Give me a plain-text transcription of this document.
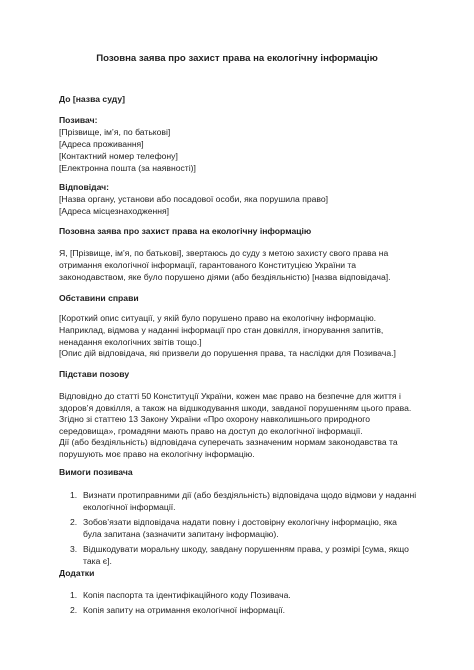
Позовна заява про захист права на екологічну інформацію
До [назва суду]
Позивач:
[Прізвище, ім’я, по батькові]
[Адреса проживання]
[Контактний номер телефону]
[Електронна пошта (за наявності)]
Відповідач:
[Назва органу, установи або посадової особи, яка порушила право]
[Адреса місцезнаходження]
Позовна заява про захист права на екологічну інформацію
Я, [Прізвище, ім’я, по батькові], звертаюсь до суду з метою захисту свого права на отримання екологічної інформації, гарантованого Конституцією України та законодавством, яке було порушено діями (або бездіяльністю) [назва відповідача].
Обставини справи
[Короткий опис ситуації, у якій було порушено право на екологічну інформацію. Наприклад, відмова у наданні інформації про стан довкілля, ігнорування запитів, ненадання екологічних звітів тощо.]
[Опис дій відповідача, які призвели до порушення права, та наслідки для Позивача.]
Підстави позову
Відповідно до статті 50 Конституції України, кожен має право на безпечне для життя і здоров’я довкілля, а також на відшкодування шкоди, завданої порушенням цього права.
Згідно зі статтею 13 Закону України «Про охорону навколишнього природного середовища», громадяни мають право на доступ до екологічної інформації.
Дії (або бездіяльність) відповідача суперечать зазначеним нормам законодавства та порушують моє право на екологічну інформацію.
Вимоги позивача
1. Визнати протиправними дії (або бездіяльність) відповідача щодо відмови у наданні екологічної інформації.
2. Зобов’язати відповідача надати повну і достовірну екологічну інформацію, яка була запитана (зазначити запитану інформацію).
3. Відшкодувати моральну шкоду, завдану порушенням права, у розмірі [сума, якщо така є].
Додатки
1. Копія паспорта та ідентифікаційного коду Позивача.
2. Копія запиту на отримання екологічної інформації.
